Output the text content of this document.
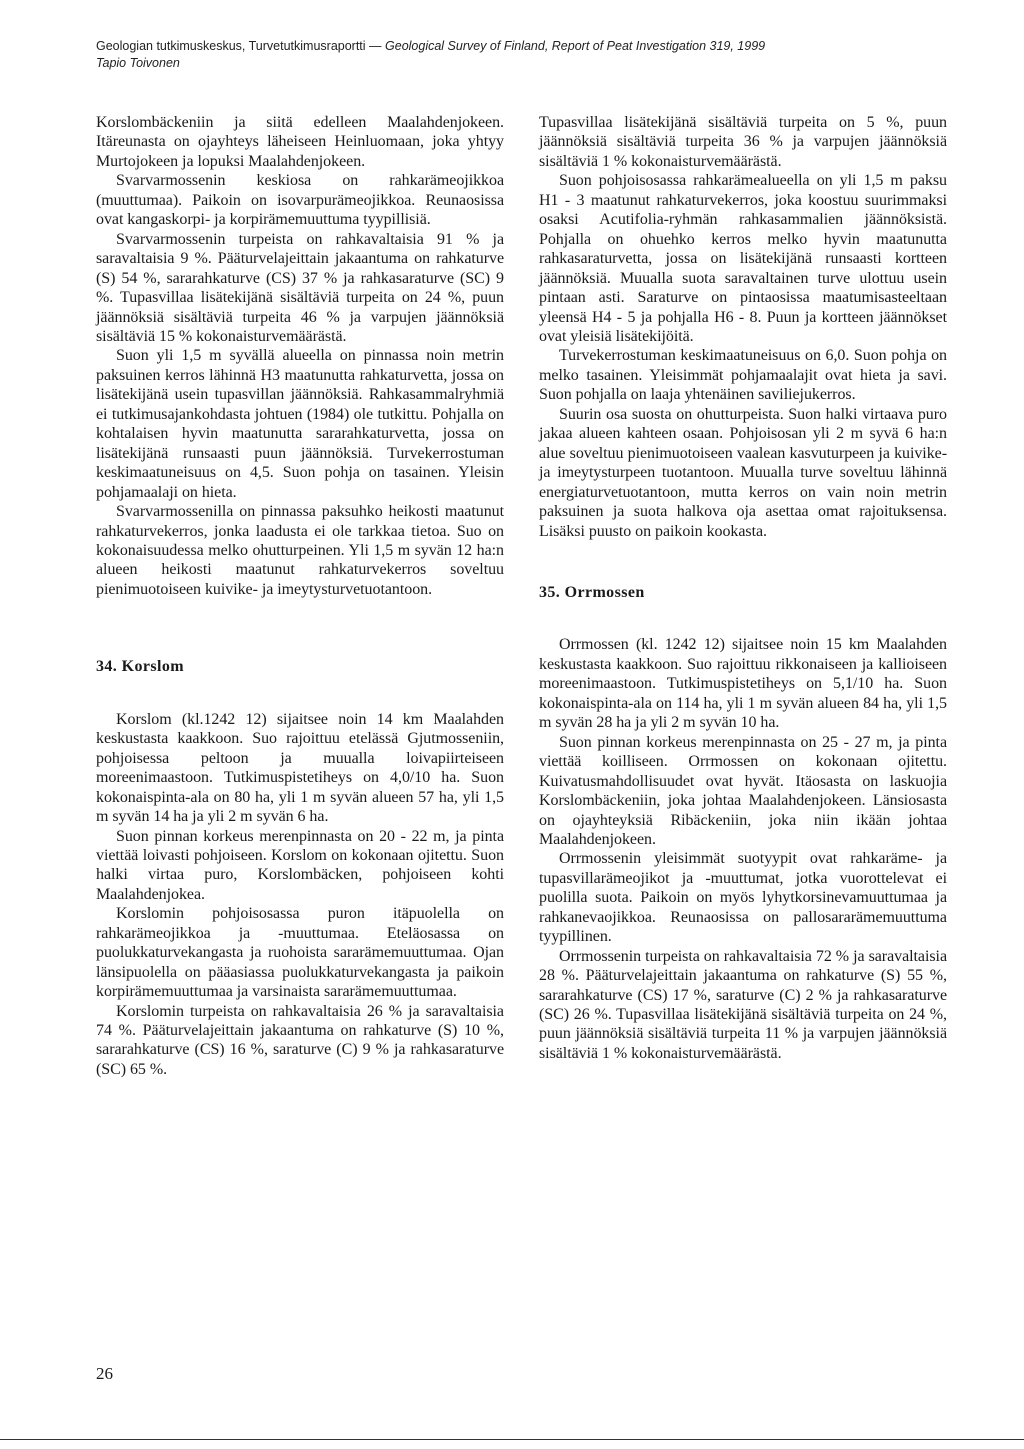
Geologian tutkimuskeskus, Turvetutkimusraportti — Geological Survey of Finland, Report of Peat Investigation 319, 1999
Tapio Toivonen

Korslombäckeniin ja siitä edelleen Maalahdenjokeen. Itäreunasta on ojayhteys läheiseen Heinluomaan, joka yhtyy Murtojokeen ja lopuksi Maalahdenjokeen.

Svarvarmossenin keskiosa on rahkarämeojikkoa (muuttumaa). Paikoin on isovarpurämeojikkoa. Reunaosissa ovat kangaskorpi- ja korpirämemuuttuma tyypillisiä.

Svarvarmossenin turpeista on rahkavaltaisia 91 % ja saravaltaisia 9 %. Pääturvelajeittain jakaantuma on rahkaturve (S) 54 %, sararahkaturve (CS) 37 % ja rahkasaraturve (SC) 9 %. Tupasvillaa lisätekijänä sisältäviä turpeita on 24 %, puun jäännöksiä sisältäviä turpeita 46 % ja varpujen jäännöksiä sisältäviä 15 % kokonaisturvemäärästä.

Suon yli 1,5 m syvällä alueella on pinnassa noin metrin paksuinen kerros lähinnä H3 maatunutta rahkaturvetta, jossa on lisätekijänä usein tupasvillan jäännöksiä. Rahkasammalryhmiä ei tutkimusajankohdasta johtuen (1984) ole tutkittu. Pohjalla on kohtalaisen hyvin maatunutta sararahkaturvetta, jossa on lisätekijänä runsaasti puun jäännöksiä. Turvekerrostuman keskimaatuneisuus on 4,5. Suon pohja on tasainen. Yleisin pohjamaalaji on hieta.

Svarvarmossenilla on pinnassa paksuhko heikosti maatunut rahkaturvekerros, jonka laadusta ei ole tarkkaa tietoa. Suo on kokonaisuudessa melko ohutturpeinen. Yli 1,5 m syvän 12 ha:n alueen heikosti maatunut rahkaturvekerros soveltuu pienimuotoiseen kuivike- ja imeytysturvetuotantoon.

34. Korslom

Korslom (kl.1242 12) sijaitsee noin 14 km Maalahden keskustasta kaakkoon. Suo rajoittuu etelässä Gjutmosseniin, pohjoisessa peltoon ja muualla loivapiirteiseen moreenimaastoon. Tutkimuspistetiheys on 4,0/10 ha. Suon kokonaispinta-ala on 80 ha, yli 1 m syvän alueen 57 ha, yli 1,5 m syvän 14 ha ja yli 2 m syvän 6 ha.

Suon pinnan korkeus merenpinnasta on 20 - 22 m, ja pinta viettää loivasti pohjoiseen. Korslom on kokonaan ojitettu. Suon halki virtaa puro, Korslombäcken, pohjoiseen kohti Maalahdenjokea.

Korslomin pohjoisosassa puron itäpuolella on rahkarämeojikkoa ja -muuttumaa. Eteläosassa on puolukkaturvekangasta ja ruohoista sararämemuuttumaa. Ojan länsipuolella on pääasiassa puolukkaturvekangasta ja paikoin korpirämemuuttumaa ja varsinaista sararämemuuttumaa.

Korslomin turpeista on rahkavaltaisia 26 % ja saravaltaisia 74 %. Pääturvelajeittain jakaantuma on rahkaturve (S) 10 %, sararahkaturve (CS) 16 %, saraturve (C) 9 % ja rahkasaraturve (SC) 65 %.

Tupasvillaa lisätekijänä sisältäviä turpeita on 5 %, puun jäännöksiä sisältäviä turpeita 36 % ja varpujen jäännöksiä sisältäviä 1 % kokonaisturvemäärästä.

Suon pohjoisosassa rahkarämealueella on yli 1,5 m paksu H1 - 3 maatunut rahkaturvekerros, joka koostuu suurimmaksi osaksi Acutifolia-ryhmän rahkasammalien jäännöksistä. Pohjalla on ohuehko kerros melko hyvin maatunutta rahkasaraturvetta, jossa on lisätekijänä runsaasti kortteen jäännöksiä. Muualla suota saravaltainen turve ulottuu usein pintaan asti. Saraturve on pintaosissa maatumisasteeltaan yleensä H4 - 5 ja pohjalla H6 - 8. Puun ja kortteen jäännökset ovat yleisiä lisätekijöitä.

Turvekerrostuman keskimaatuneisuus on 6,0. Suon pohja on melko tasainen. Yleisimmät pohjamaalajit ovat hieta ja savi. Suon pohjalla on laaja yhtenäinen saviliejukerros.

Suurin osa suosta on ohutturpeista. Suon halki virtaava puro jakaa alueen kahteen osaan. Pohjoisosan yli 2 m syvä 6 ha:n alue soveltuu pienimuotoiseen vaalean kasvuturpeen ja kuivike- ja imeytysturpeen tuotantoon. Muualla turve soveltuu lähinnä energiaturvetuotantoon, mutta kerros on vain noin metrin paksuinen ja suota halkova oja asettaa omat rajoituksensa. Lisäksi puusto on paikoin kookasta.

35. Orrmossen

Orrmossen (kl. 1242 12) sijaitsee noin 15 km Maalahden keskustasta kaakkoon. Suo rajoittuu rikkonaiseen ja kallioiseen moreenimaastoon. Tutkimuspistetiheys on 5,1/10 ha. Suon kokonaispinta-ala on 114 ha, yli 1 m syvän alueen 84 ha, yli 1,5 m syvän 28 ha ja yli 2 m syvän 10 ha.

Suon pinnan korkeus merenpinnasta on 25 - 27 m, ja pinta viettää koilliseen. Orrmossen on kokonaan ojitettu. Kuivatusmahdollisuudet ovat hyvät. Itäosasta on laskuojia Korslombäckeniin, joka johtaa Maalahdenjokeen. Länsiosasta on ojayhteyksiä Ribäckeniin, joka niin ikään johtaa Maalahdenjokeen.

Orrmossenin yleisimmät suotyypit ovat rahkaräme- ja tupasvillarämeojikot ja -muuttumat, jotka vuorottelevat ei puolilla suota. Paikoin on myös lyhytkorsinevamuuttumaa ja rahkanevaojikkoa. Reunaosissa on pallosararämemuuttuma tyypillinen.

Orrmossenin turpeista on rahkavaltaisia 72 % ja saravaltaisia 28 %. Pääturvelajeittain jakaantuma on rahkaturve (S) 55 %, sararahkaturve (CS) 17 %, saraturve (C) 2 % ja rahkasaraturve (SC) 26 %. Tupasvillaa lisätekijänä sisältäviä turpeita on 24 %, puun jäännöksiä sisältäviä turpeita 11 % ja varpujen jäännöksiä sisältäviä 1 % kokonaisturvemäärästä.

26
